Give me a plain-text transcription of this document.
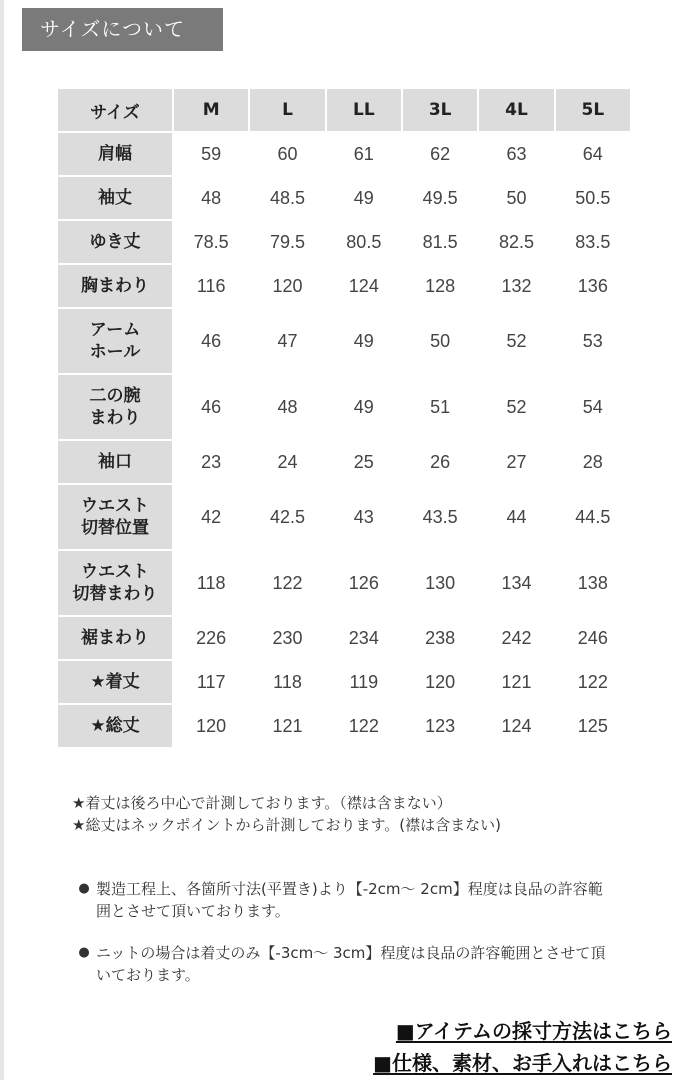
サイズについて
サイズ	M	L	LL	3L	4L	5L

肩幅	59	60	61	62	63	64

袖丈	48	48.5	49	49.5	50	50.5

ゆき丈	78.5	79.5	80.5	81.5	82.5	83.5

胸まわり	116	120	124	128	132	136

アーム
ホール	46	47	49	50	52	53

二の腕
まわり	46	48	49	51	52	54

袖口	23	24	25	26	27	28

ウエスト
切替位置	42	42.5	43	43.5	44	44.5

ウエスト
切替まわり	118	122	126	130	134	138

裾まわり	226	230	234	238	242	246

★着丈	117	118	119	120	121	122

★総丈	120	121	122	123	124	125

★着丈は後ろ中心で計測しております。（襟は含まない）

★総丈はネックポイントから計測しております。(襟は含まない)

● 製造工程上、各箇所寸法(平置き)より【-2cm～ 2cm】程度は良品の許容範囲とさせて頂いております。
● ニットの場合は着丈のみ【-3cm～ 3cm】程度は良品の許容範囲とさせて頂いております。
■アイテムの採寸方法はこちら
■仕様、素材、お手入れはこちら
